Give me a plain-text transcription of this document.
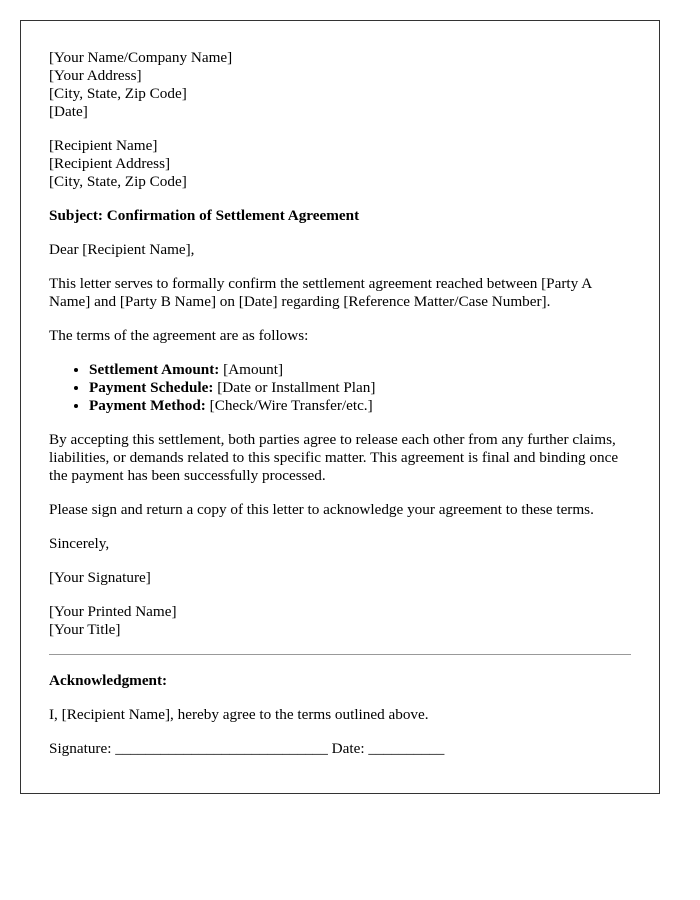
[Your Name/Company Name]
[Your Address]
[City, State, Zip Code]
[Date]
[Recipient Name]
[Recipient Address]
[City, State, Zip Code]

Subject: Confirmation of Settlement Agreement

Dear [Recipient Name],

This letter serves to formally confirm the settlement agreement reached between [Party A Name] and [Party B Name] on [Date] regarding [Reference Matter/Case Number].

The terms of the agreement are as follows:

• Settlement Amount: [Amount]
• Payment Schedule: [Date or Installment Plan]
• Payment Method: [Check/Wire Transfer/etc.]

By accepting this settlement, both parties agree to release each other from any further claims, liabilities, or demands related to this specific matter. This agreement is final and binding once the payment has been successfully processed.

Please sign and return a copy of this letter to acknowledge your agreement to these terms.

Sincerely,

[Your Signature]

[Your Printed Name]
[Your Title]

Acknowledgment:

I, [Recipient Name], hereby agree to the terms outlined above.

Signature: ____________________________ Date: __________
